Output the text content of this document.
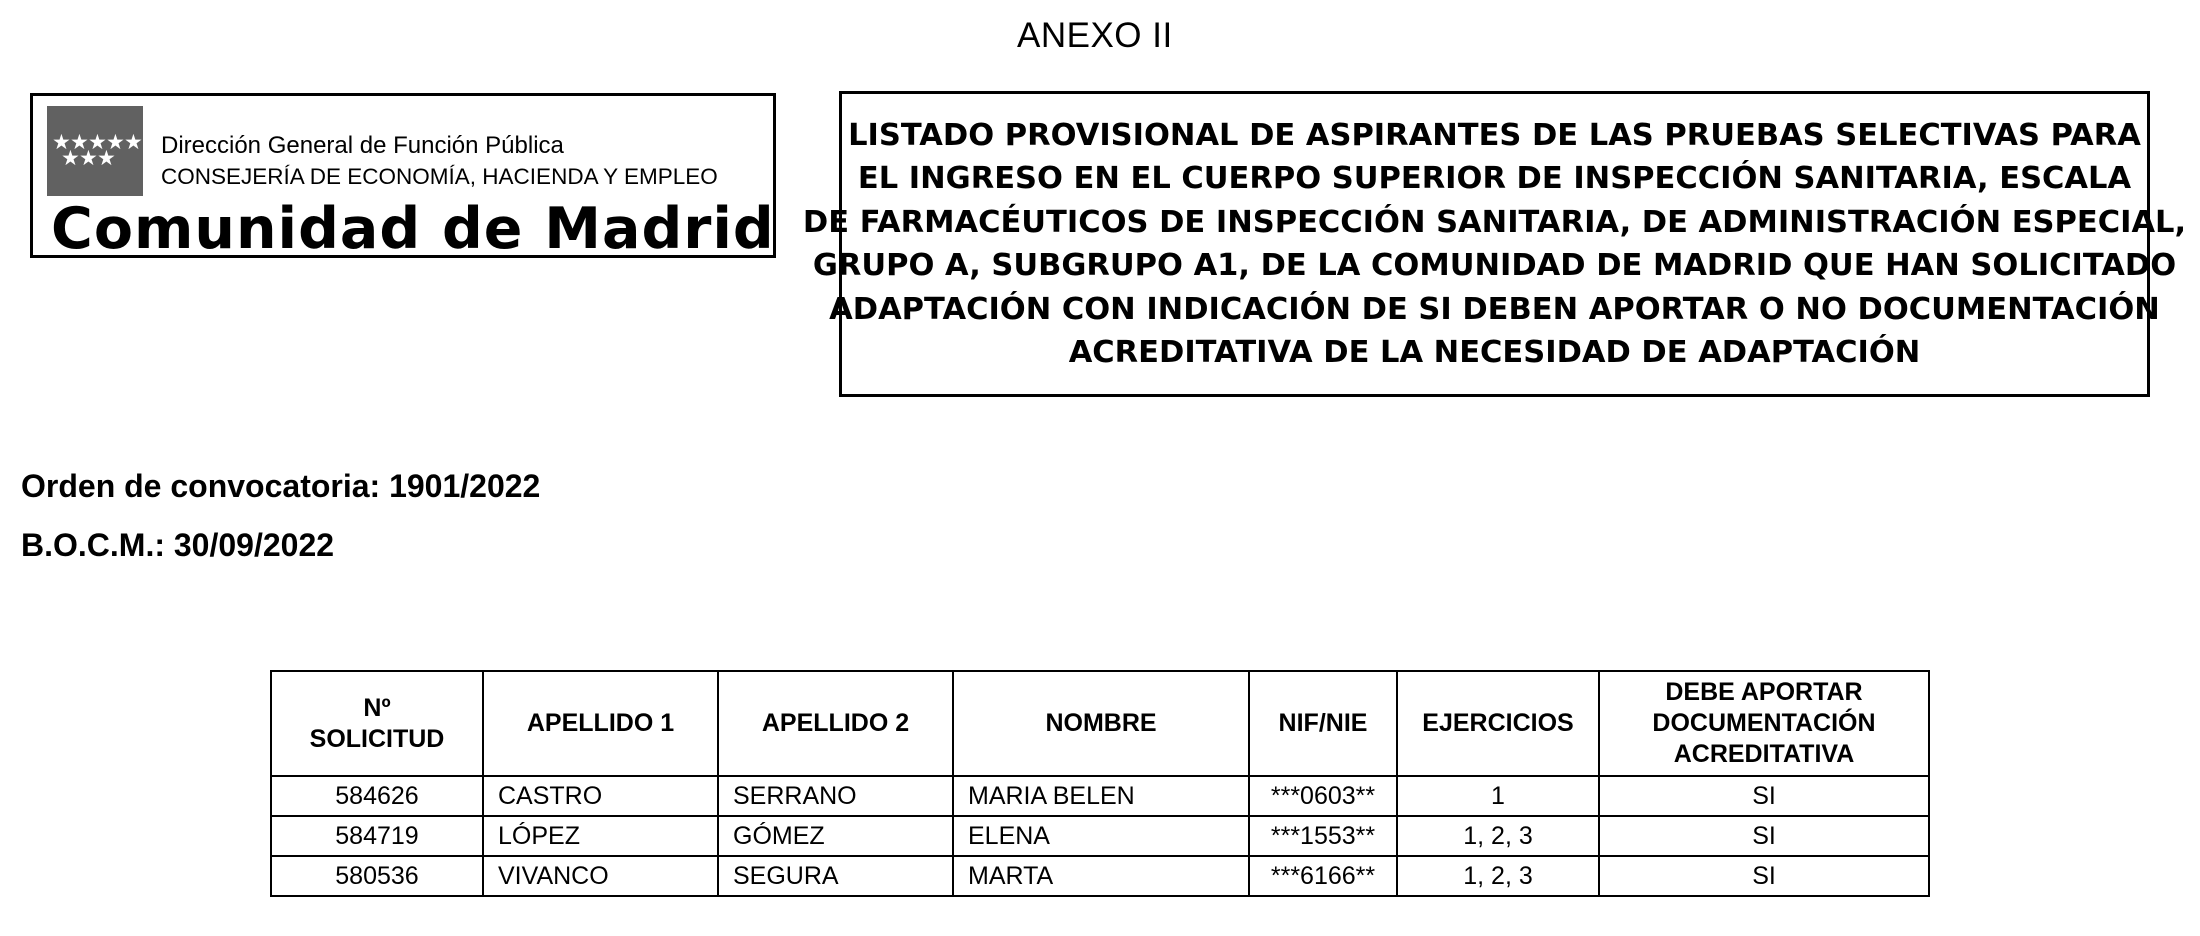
ANEXO II
★ ★ ★ ★ ★
★ ★ ★ Dirección General de Función Pública
CONSEJERÍA DE ECONOMÍA, HACIENDA Y EMPLEO
Comunidad de Madrid
LISTADO PROVISIONAL DE ASPIRANTES DE LAS PRUEBAS SELECTIVAS PARA
EL INGRESO EN EL CUERPO SUPERIOR DE INSPECCIÓN SANITARIA, ESCALA
DE FARMACÉUTICOS DE INSPECCIÓN SANITARIA, DE ADMINISTRACIÓN ESPECIAL,
GRUPO A, SUBGRUPO A1, DE LA COMUNIDAD DE MADRID QUE HAN SOLICITADO
ADAPTACIÓN CON INDICACIÓN DE SI DEBEN APORTAR O NO DOCUMENTACIÓN
ACREDITATIVA DE LA NECESIDAD DE ADAPTACIÓN
Orden de convocatoria: 1901/2022
B.O.C.M.: 30/09/2022
Nº
SOLICITUD	APELLIDO 1	APELLIDO 2	NOMBRE	NIF/NIE	EJERCICIOS	DEBE APORTAR
DOCUMENTACIÓN
ACREDITATIVA
584626	CASTRO	SERRANO	MARIA BELEN	***0603**	1	SI
584719	LÓPEZ	GÓMEZ	ELENA	***1553**	1, 2, 3	SI
580536	VIVANCO	SEGURA	MARTA	***6166**	1, 2, 3	SI
